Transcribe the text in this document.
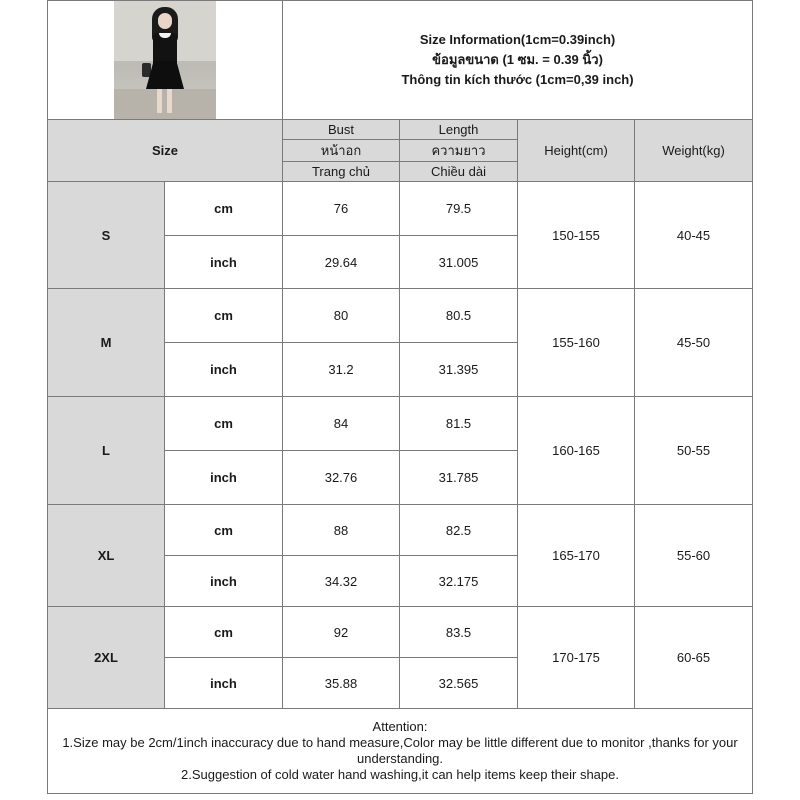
		Size Information(1cm=0.39inch)
ข้อมูลขนาด (1 ซม. = 0.39 นิ้ว)
Thông tin kích thước (1cm=0,39 inch)			

Size		Bust	Length	Height(cm)	Weight(kg)
		หน้าอก	ความยาว		
		Trang chủ	Chiều dài		
S	cm	76	79.5	150-155	40-45
	inch	29.64	31.005		
M	cm	80	80.5	155-160	45-50
	inch	31.2	31.395		
L	cm	84	81.5	160-165	50-55
	inch	32.76	31.785		
XL	cm	88	82.5	165-170	55-60
	inch	34.32	32.175		
2XL	cm	92	83.5	170-175	60-65
	inch	35.88	32.565		

Attention:
1.Size may be 2cm/1inch inaccuracy due to hand measure,Color may be little different due to monitor ,thanks for your understanding.
2.Suggestion of cold water hand washing,it can help items keep their shape.					
